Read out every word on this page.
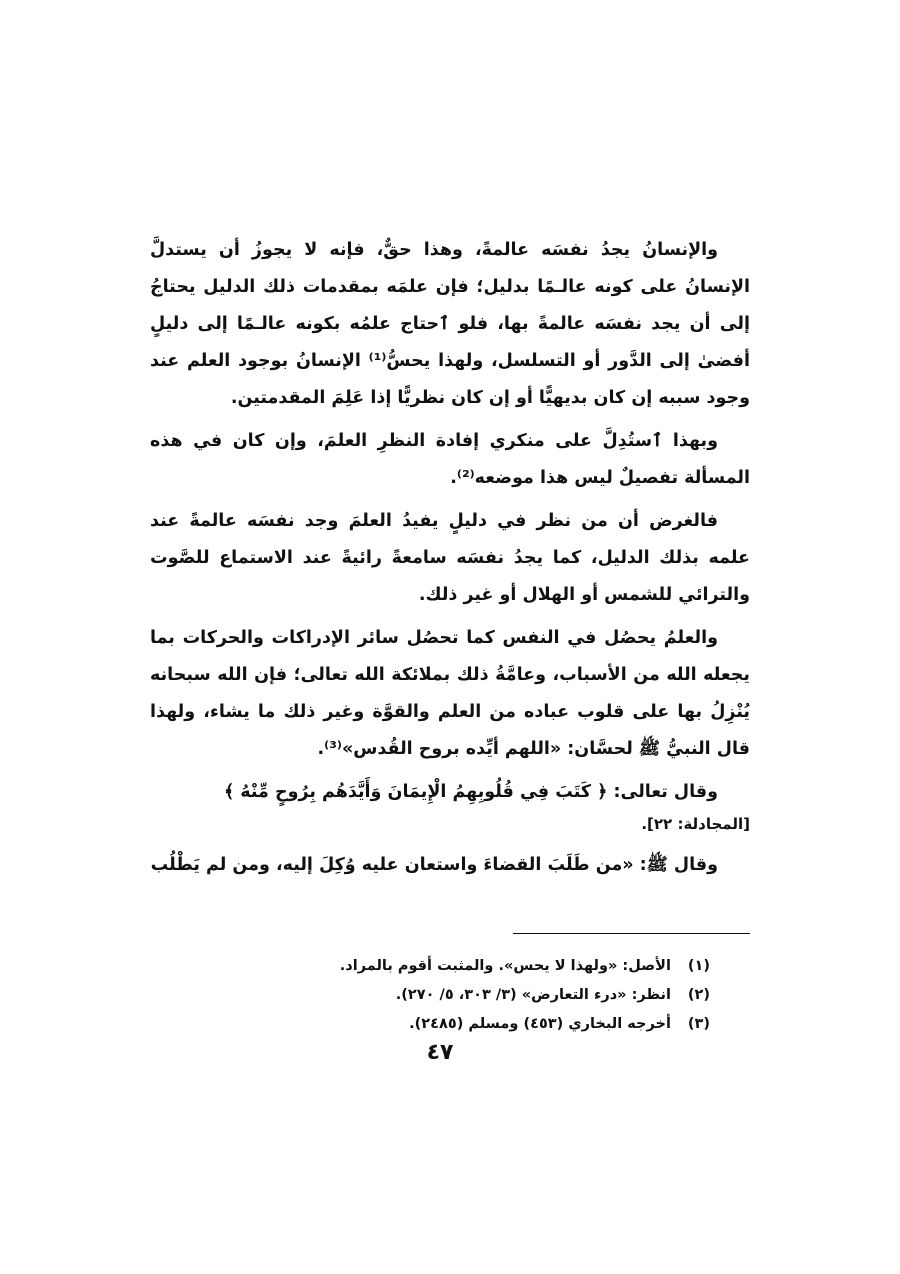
والإنسانُ يجدُ نفسَه عالمةً، وهذا حقٌّ، فإنه لا يجوزُ أن يستدلَّ الإنسانُ على كونه عالـمًا بدليل؛ فإن علمَه بمقدمات ذلك الدليل يحتاجُ إلى أن يجد نفسَه عالمةً بها، فلو ٱحتاج علمُه بكونه عالـمًا إلى دليلٍ أفضىٰ إلى الدَّور أو التسلسل، ولهذا يحسُّ⁽¹⁾ الإنسانُ بوجود العلم عند وجود سببه إن كان بديهيًّا أو إن كان نظريًّا إذا عَلِمَ المقدمتين.

وبهذا ٱستُدِلَّ على منكري إفادة النظرِ العلمَ، وإن كان في هذه المسألة تفصيلٌ ليس هذا موضعه⁽²⁾.

فالغرض أن من نظر في دليلٍ يفيدُ العلمَ وجد نفسَه عالمةً عند علمه بذلك الدليل، كما يجدُ نفسَه سامعةً رائيةً عند الاستماع للصَّوت والترائي للشمس أو الهلال أو غير ذلك.

والعلمُ يحصُل في النفس كما تحصُل سائر الإدراكات والحركات بما يجعله الله من الأسباب، وعامَّةُ ذلك بملائكة الله تعالى؛ فإن الله سبحانه يُنْزِلُ بها على قلوب عباده من العلم والقوَّة وغير ذلك ما يشاء، ولهذا قال النبيُّ ﷺ لحسَّان: «اللهم أيِّده بروح القُدس»⁽³⁾.

وقال تعالى: ﴿ كَتَبَ فِي قُلُوبِهِمُ الْإِيمَانَ وَأَيَّدَهُم بِرُوحٍ مِّنْهُ ﴾
[المجادلة: ٢٢].

وقال ﷺ: «من طَلَبَ القضاءَ واستعان عليه وُكِلَ إليه، ومن لم يَطْلُب

(١) الأصل: «ولهذا لا يحس». والمثبت أقوم بالمراد.
(٢) انظر: «درء التعارض» (٣/ ٣٠٣، ٥/ ٢٧٠).
(٣) أخرجه البخاري (٤٥٣) ومسلم (٢٤٨٥).
٤٧
